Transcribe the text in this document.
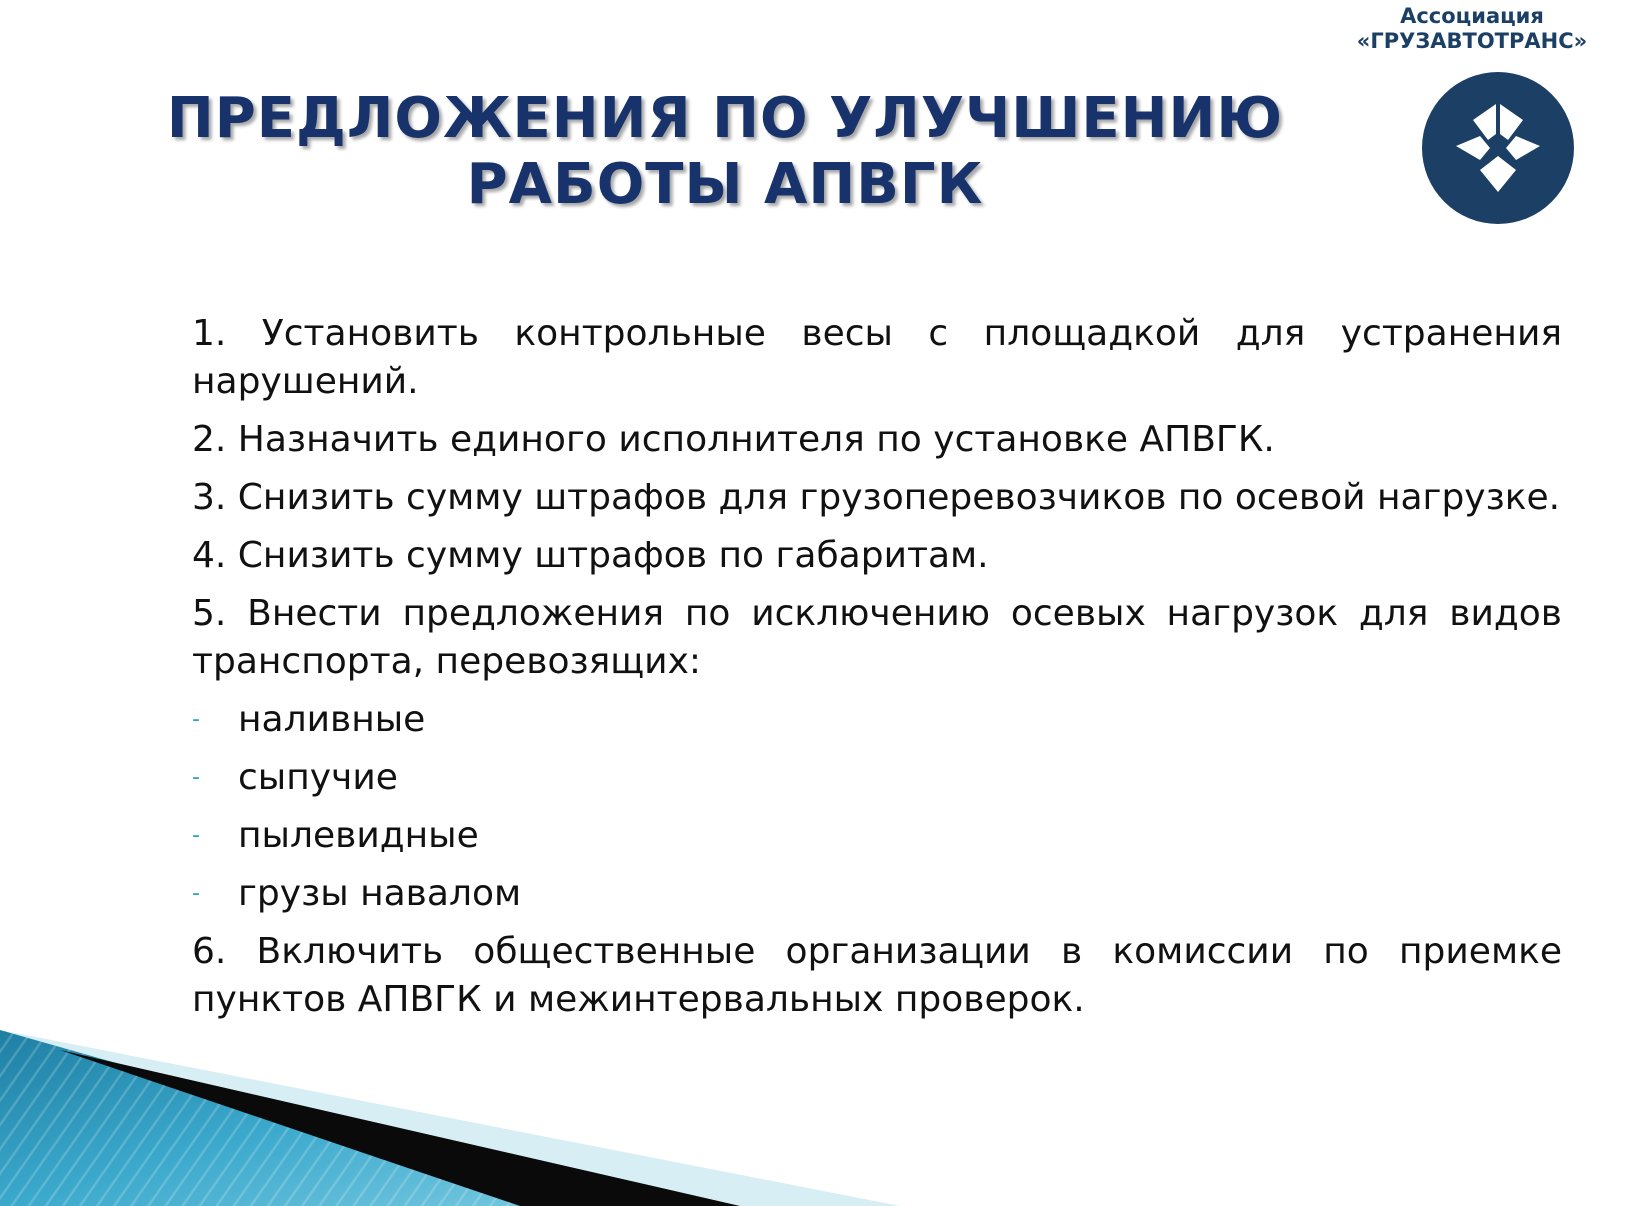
Ассоциация
«ГРУЗАВТОТРАНС»
ПРЕДЛОЖЕНИЯ ПО УЛУЧШЕНИЮ
РАБОТЫ АПВГК
1. Установить контрольные весы с площадкой для устранения нарушений.
2. Назначить единого исполнителя по установке АПВГК.
3. Снизить сумму штрафов для грузоперевозчиков по осевой нагрузке.
4. Снизить сумму штрафов по габаритам.
5. Внести предложения по исключению осевых нагрузок для видов транспорта, перевозящих:
- наливные
- сыпучие
- пылевидные
- грузы навалом
6. Включить общественные организации в комиссии по приемке пунктов АПВГК и межинтервальных проверок.
